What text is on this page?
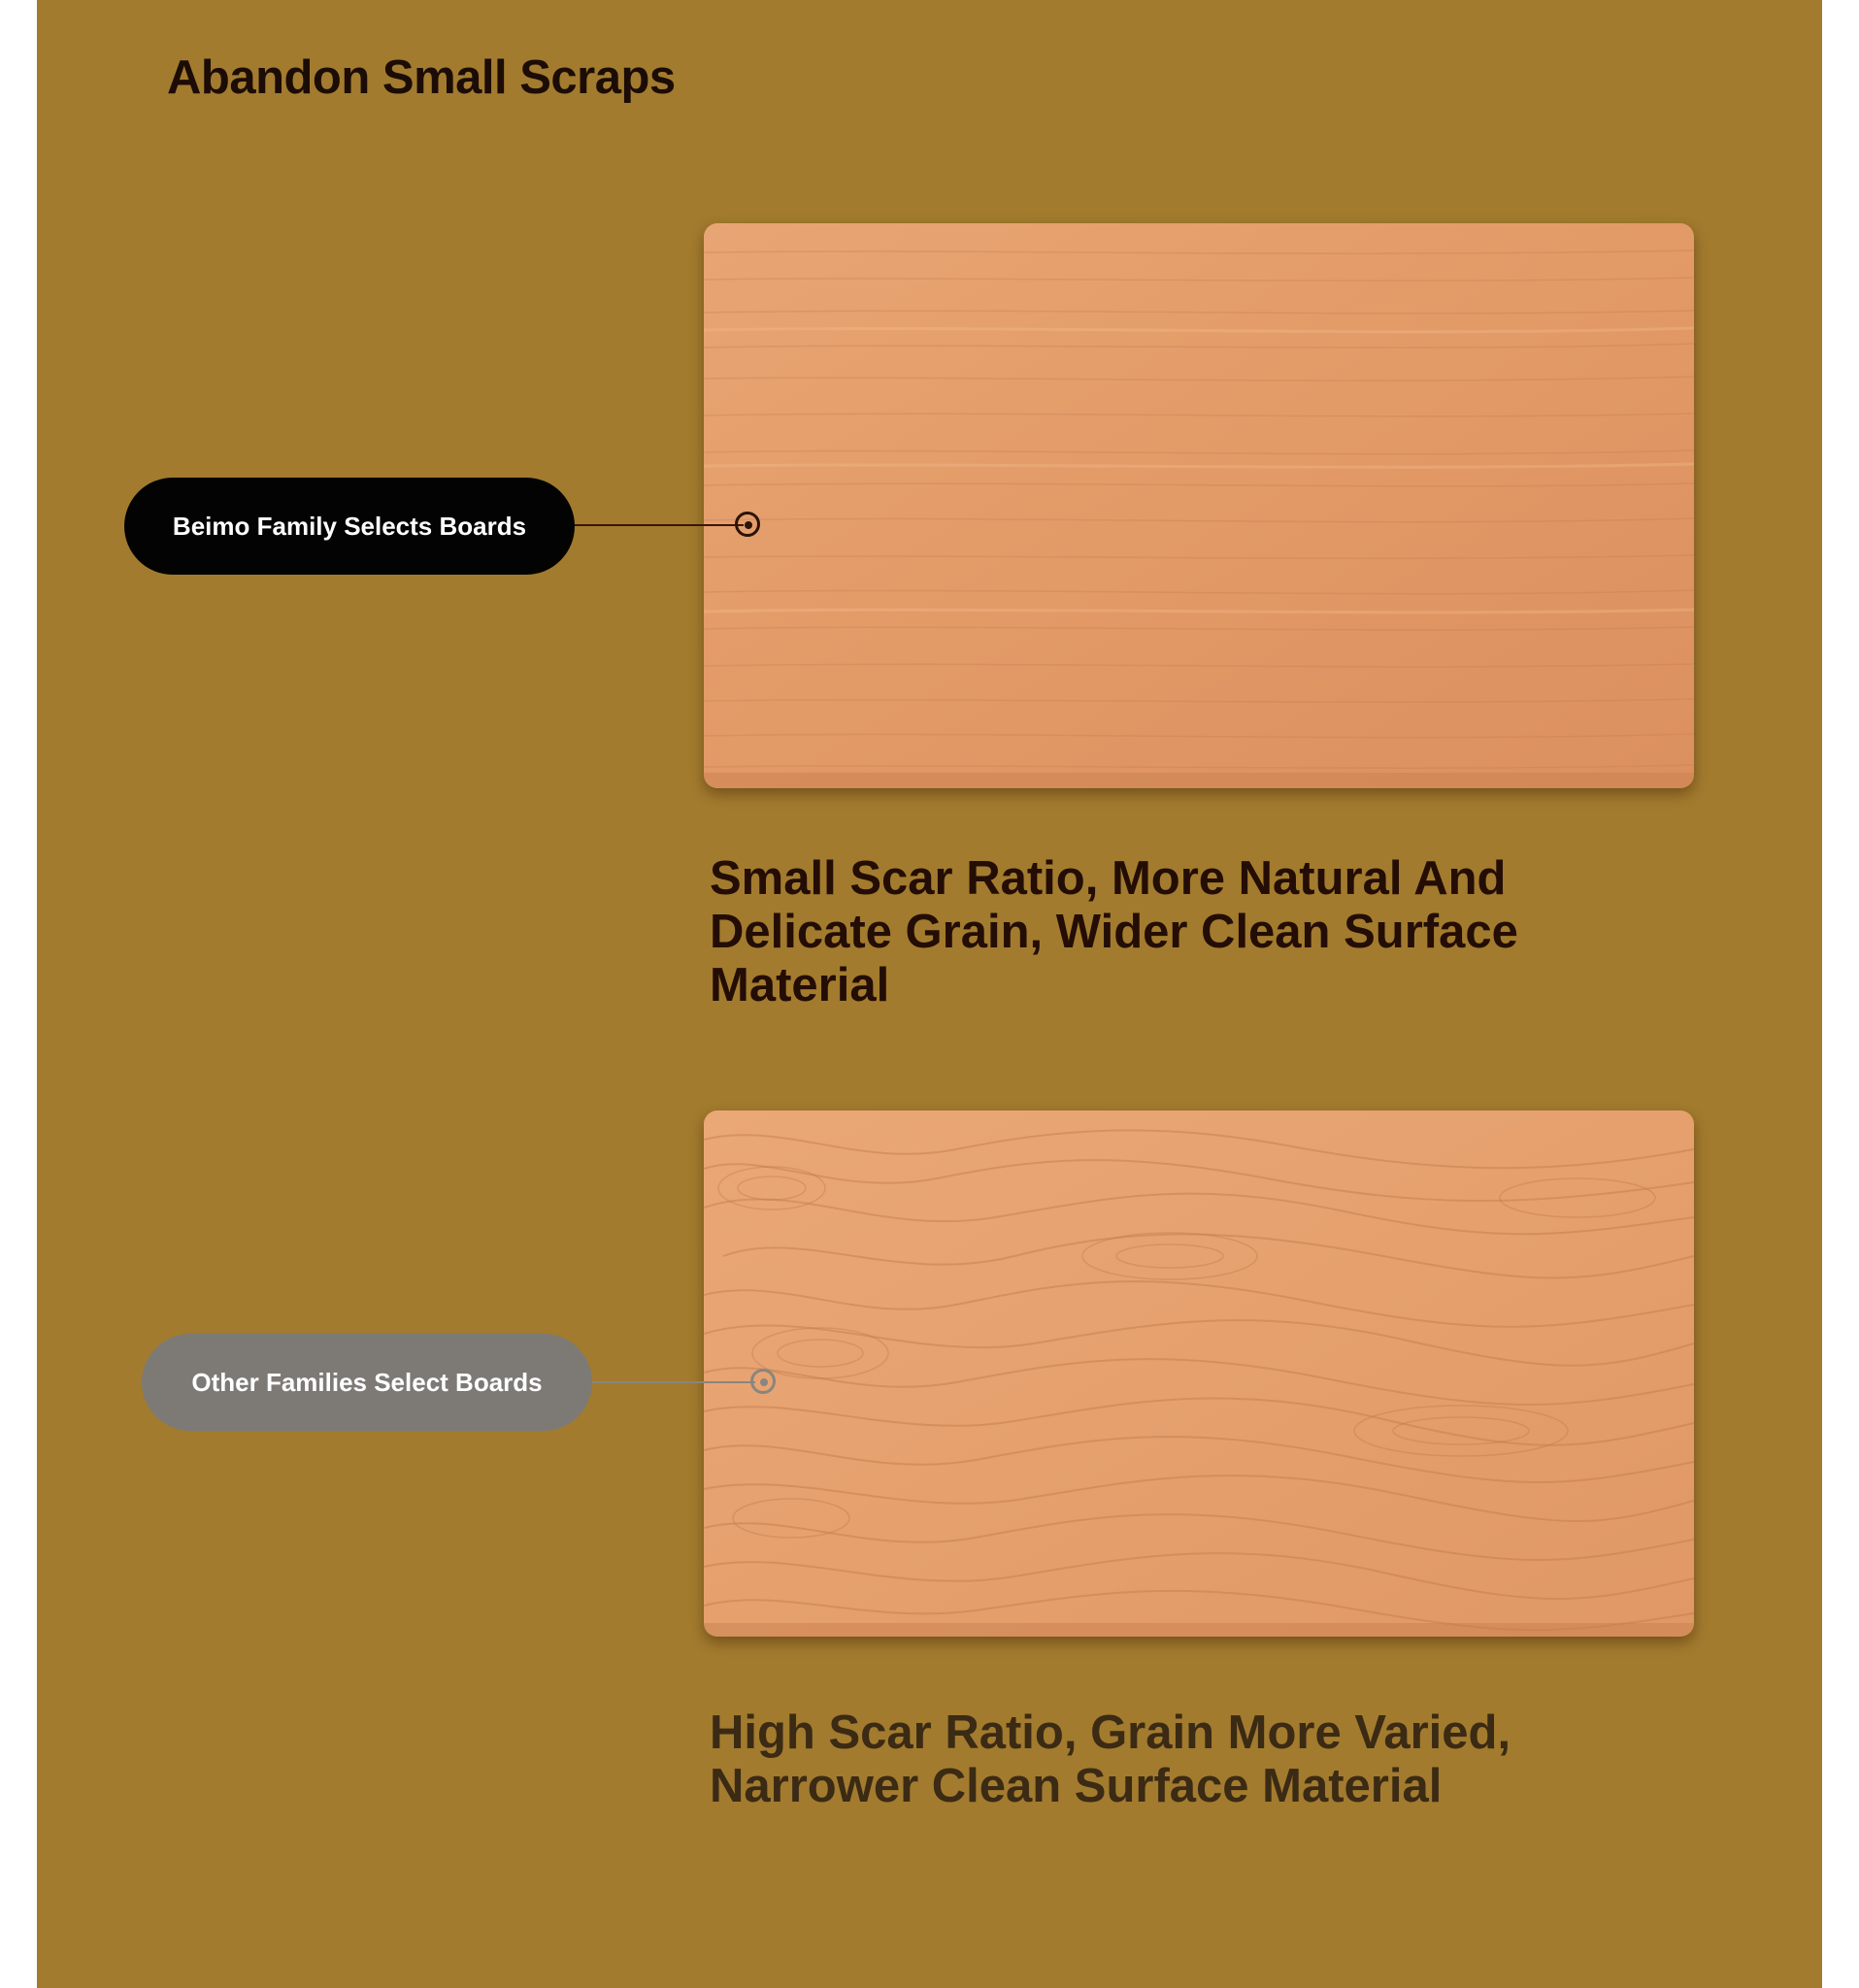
Abandon Small Scraps
Beimo Family Selects Boards

Small Scar Ratio, More Natural And Delicate Grain, Wider Clean Surface Material

Other Families Select Boards

High Scar Ratio, Grain More Varied, Narrower Clean Surface Material
